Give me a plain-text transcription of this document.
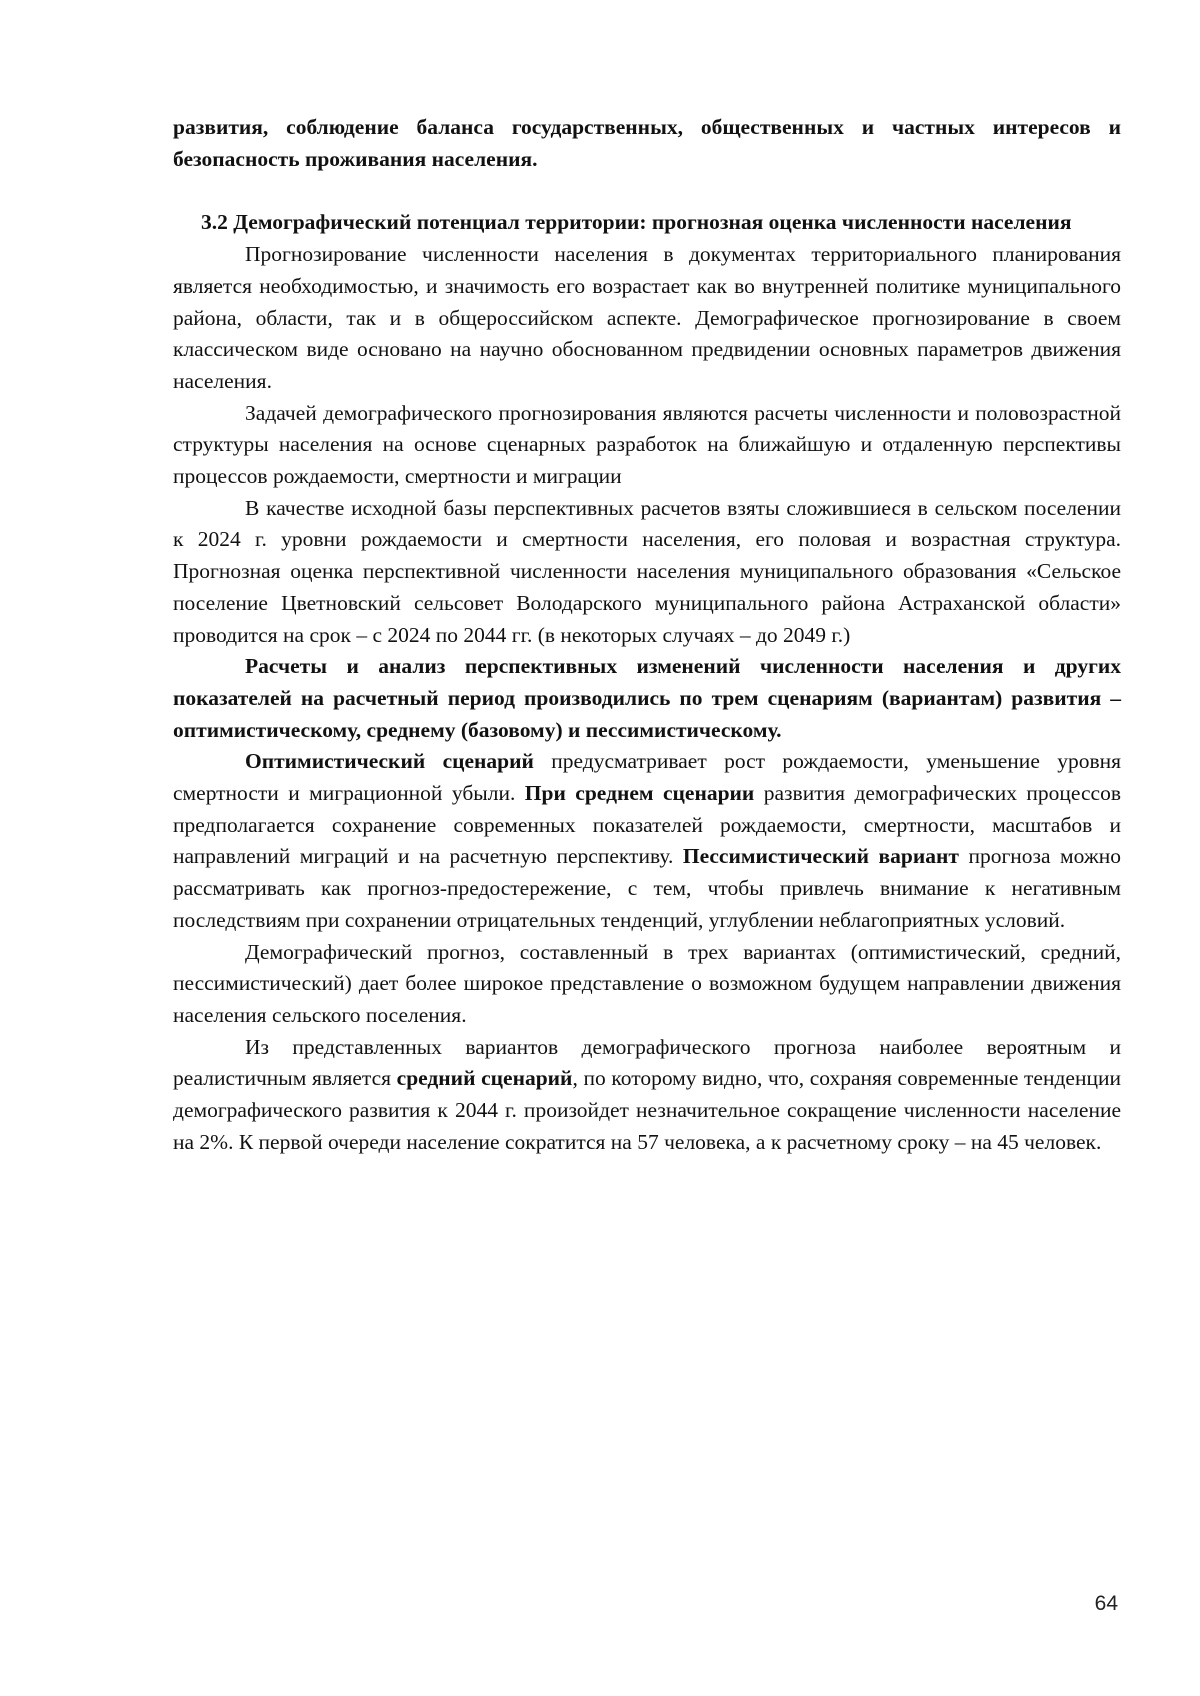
развития, соблюдение баланса государственных, общественных и частных интересов и безопасность проживания населения.

3.2 Демографический потенциал территории: прогнозная оценка численности населения

Прогнозирование численности населения в документах территориального планирования является необходимостью, и значимость его возрастает как во внутренней политике муниципального района, области, так и в общероссийском аспекте. Демографическое прогнозирование в своем классическом виде основано на научно обоснованном предвидении основных параметров движения населения.

Задачей демографического прогнозирования являются расчеты численности и половозрастной структуры населения на основе сценарных разработок на ближайшую и отдаленную перспективы процессов рождаемости, смертности и миграции

В качестве исходной базы перспективных расчетов взяты сложившиеся в сельском поселении к 2024 г. уровни рождаемости и смертности населения, его половая и возрастная структура. Прогнозная оценка перспективной численности населения муниципального образования «Сельское поселение Цветновский сельсовет Володарского муниципального района Астраханской области» проводится на срок – с 2024 по 2044 гг. (в некоторых случаях – до 2049 г.)

Расчеты и анализ перспективных изменений численности населения и других показателей на расчетный период производились по трем сценариям (вариантам) развития – оптимистическому, среднему (базовому) и пессимистическому.

Оптимистический сценарий предусматривает рост рождаемости, уменьшение уровня смертности и миграционной убыли. При среднем сценарии развития демографических процессов предполагается сохранение современных показателей рождаемости, смертности, масштабов и направлений миграций и на расчетную перспективу. Пессимистический вариант прогноза можно рассматривать как прогноз-предостережение, с тем, чтобы привлечь внимание к негативным последствиям при сохранении отрицательных тенденций, углублении неблагоприятных условий.

Демографический прогноз, составленный в трех вариантах (оптимистический, средний, пессимистический) дает более широкое представление о возможном будущем направлении движения населения сельского поселения.

Из представленных вариантов демографического прогноза наиболее вероятным и реалистичным является средний сценарий, по которому видно, что, сохраняя современные тенденции демографического развития к 2044 г. произойдет незначительное сокращение численности население на 2%. К первой очереди население сократится на 57 человека, а к расчетному сроку – на 45 человек.

64
